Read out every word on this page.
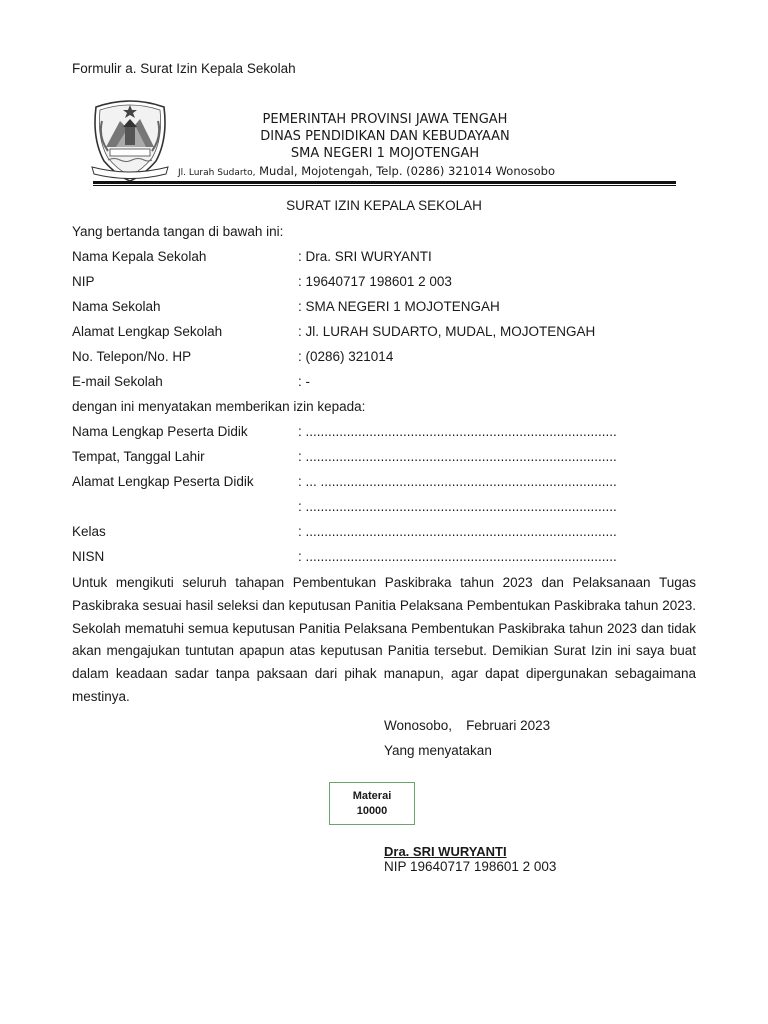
Formulir a. Surat Izin Kepala Sekolah
PEMERINTAH PROVINSI JAWA TENGAH
DINAS PENDIDIKAN DAN KEBUDAYAAN
SMA NEGERI 1 MOJOTENGAH
Jl. Lurah Sudarto, Mudal, Mojotengah, Telp. (0286) 321014 Wonosobo
SURAT IZIN KEPALA SEKOLAH
Yang bertanda tangan di bawah ini:
Nama Kepala Sekolah	: Dra. SRI WURYANTI
NIP	: 19640717 198601 2 003
Nama Sekolah	: SMA NEGERI 1 MOJOTENGAH
Alamat Lengkap Sekolah	: Jl. LURAH SUDARTO, MUDAL, MOJOTENGAH
No. Telepon/No. HP	: (0286) 321014
E-mail Sekolah	: -
dengan ini menyatakan memberikan izin kepada:
Nama Lengkap Peserta Didik	: ...................................................................................
Tempat, Tanggal Lahir	: ...................................................................................
Alamat Lengkap Peserta Didik	: ... ...............................................................................
: ...................................................................................
Kelas	: ...................................................................................
NISN	: ...................................................................................
Untuk mengikuti seluruh tahapan Pembentukan Paskibraka tahun 2023 dan Pelaksanaan Tugas Paskibraka sesuai hasil seleksi dan keputusan Panitia Pelaksana Pembentukan Paskibraka tahun 2023. Sekolah mematuhi semua keputusan Panitia Pelaksana Pembentukan Paskibraka tahun 2023 dan tidak akan mengajukan tuntutan apapun atas keputusan Panitia tersebut. Demikian Surat Izin ini saya buat dalam keadaan sadar tanpa paksaan dari pihak manapun, agar dapat dipergunakan sebagaimana mestinya.
Wonosobo, Februari 2023
Yang menyatakan
Materai
10000
Dra. SRI WURYANTI
NIP 19640717 198601 2 003
